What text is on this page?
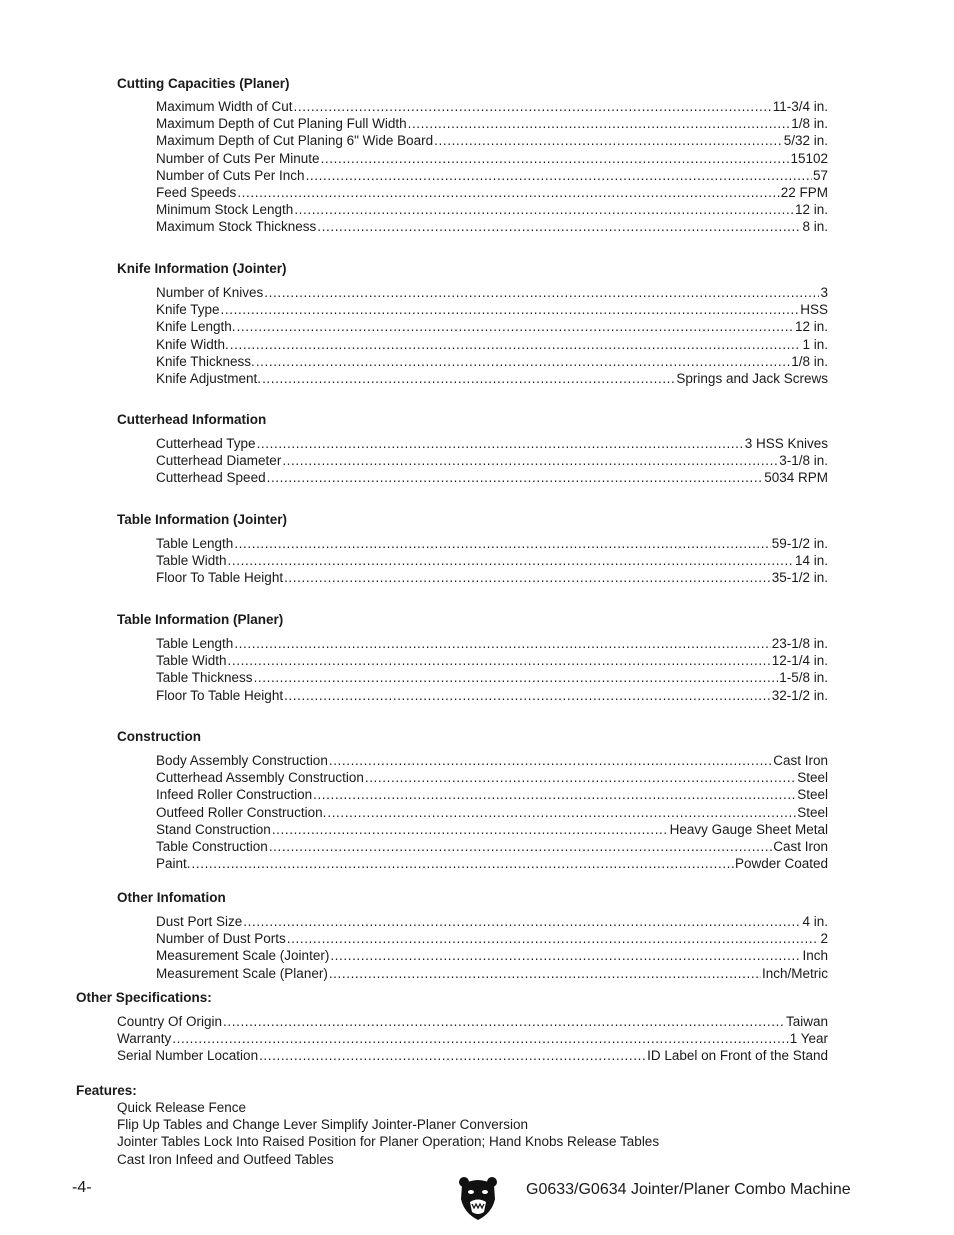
Cutting Capacities (Planer)
Maximum Width of Cut .....	11-3/4 in.
Maximum Depth of Cut Planing Full Width .....	1/8 in.
Maximum Depth of Cut Planing 6" Wide Board .....	5/32 in.
Number of Cuts Per Minute .....	15102
Number of Cuts Per Inch .....	57
Feed Speeds .....	22 FPM
Minimum Stock Length .....	12 in.
Maximum Stock Thickness .....	8 in.
Knife Information (Jointer)
Number of Knives .....	3
Knife Type .....	HSS
Knife Length. .....	12 in.
Knife Width. .....	1 in.
Knife Thickness. .....	1/8 in.
Knife Adjustment. .....	Springs and Jack Screws
Cutterhead Information
Cutterhead Type .....	3 HSS Knives
Cutterhead Diameter .....	3-1/8 in.
Cutterhead Speed .....	5034 RPM
Table Information (Jointer)
Table Length .....	59-1/2 in.
Table Width .....	14 in.
Floor To Table Height .....	35-1/2 in.
Table Information (Planer)
Table Length .....	23-1/8 in.
Table Width .....	12-1/4 in.
Table Thickness .....	1-5/8 in.
Floor To Table Height .....	32-1/2 in.
Construction
Body Assembly Construction .....	Cast Iron
Cutterhead Assembly Construction .....	Steel
Infeed Roller Construction .....	Steel
Outfeed Roller Construction. .....	Steel
Stand Construction .....	Heavy Gauge Sheet Metal
Table Construction .....	Cast Iron
Paint. .....	Powder Coated
Other Infomation
Dust Port Size .....	4 in.
Number of Dust Ports .....	2
Measurement Scale (Jointer) .....	Inch
Measurement Scale (Planer) .....	Inch/Metric
Other Specifications:
Country Of Origin .....	Taiwan
Warranty .....	1 Year
Serial Number Location .....	ID Label on Front of the Stand
Features:
Quick Release Fence
Flip Up Tables and Change Lever Simplify Jointer-Planer Conversion
Jointer Tables Lock Into Raised Position for Planer Operation; Hand Knobs Release Tables
Cast Iron Infeed and Outfeed Tables
-4-	G0633/G0634 Jointer/Planer Combo Machine
